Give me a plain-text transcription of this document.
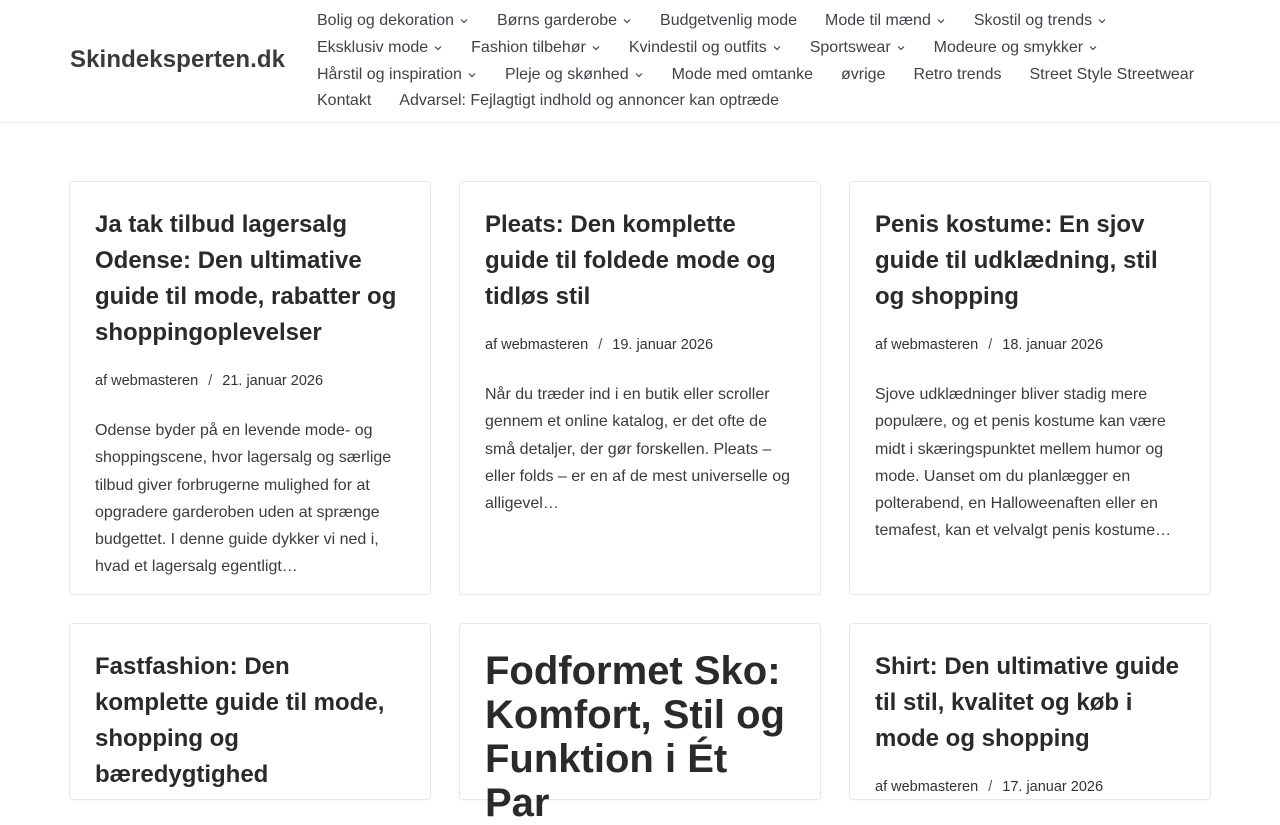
Skindeksperten.dk
Bolig og dekoration	Børns garderobe	Budgetvenlig mode Mode til mænd	Skostil og trends
Eksklusiv mode	Fashion tilbehør	Kvindestil og outfits	Sportswear	Modeure og smykker
Hårstil og inspiration	Pleje og skønhed	Mode med omtanke øvrige Retro trends Street Style Streetwear
Kontakt Advarsel: Fejlagtigt indhold og annoncer kan optræde
Ja tak tilbud lagersalg Odense: Den ultimative guide til mode, rabatter og shoppingoplevelser
af webmasteren / 21. januar 2026

Odense byder på en levende mode- og shoppingscene, hvor lagersalg og særlige tilbud giver forbrugerne mulighed for at opgradere garderoben uden at sprænge budgettet. I denne guide dykker vi ned i, hvad et lagersalg egentligt…

Pleats: Den komplette guide til foldede mode og tidløs stil
af webmasteren / 19. januar 2026

Når du træder ind i en butik eller scroller gennem et online katalog, er det ofte de små detaljer, der gør forskellen. Pleats – eller folds – er en af de mest universelle og alligevel…

Penis kostume: En sjov guide til udklædning, stil og shopping
af webmasteren / 18. januar 2026

Sjove udklædninger bliver stadig mere populære, og et penis kostume kan være midt i skæringspunktet mellem humor og mode. Uanset om du planlægger en polterabend, en Halloweenaften eller en temafest, kan et velvalgt penis kostume…

Fastfashion: Den komplette guide til mode, shopping og bæredygtighed
Fodformet Sko: Komfort, Stil og Funktion i Ét Par
Shirt: Den ultimative guide til stil, kvalitet og køb i mode og shopping
af webmasteren / 17. januar 2026
